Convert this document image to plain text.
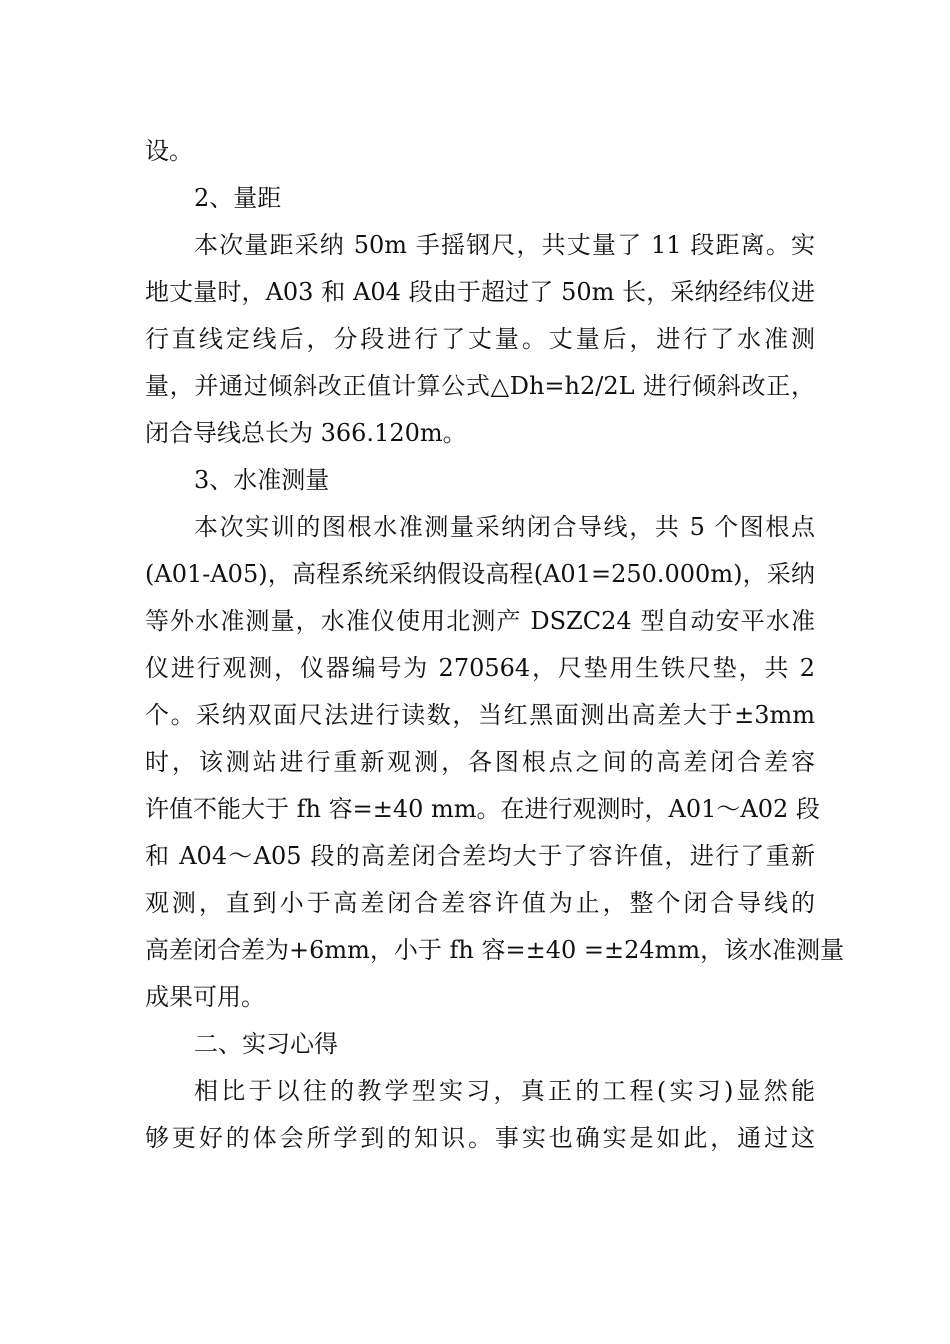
设。
2、量距
本次量距采纳 50m 手摇钢尺，共丈量了 11 段距离。实
地丈量时，A03 和 A04 段由于超过了 50m 长，采纳经纬仪进
行直线定线后，分段进行了丈量。丈量后，进行了水准测
量，并通过倾斜改正值计算公式△Dh=h2/2L 进行倾斜改正，
闭合导线总长为 366.120m。
3、水准测量
本次实训的图根水准测量采纳闭合导线，共 5 个图根点
(A01-A05)，高程系统采纳假设高程(A01=250.000m)，采纳
等外水准测量，水准仪使用北测产 DSZC24 型自动安平水准
仪进行观测，仪器编号为 270564，尺垫用生铁尺垫，共 2
个。采纳双面尺法进行读数，当红黑面测出高差大于±3mm
时，该测站进行重新观测，各图根点之间的高差闭合差容
许值不能大于 fh 容=±40 mm。在进行观测时，A01～A02 段
和 A04～A05 段的高差闭合差均大于了容许值，进行了重新
观测，直到小于高差闭合差容许值为止，整个闭合导线的
高差闭合差为+6mm，小于 fh 容=±40 =±24mm，该水准测量
成果可用。
二、实习心得
相比于以往的教学型实习，真正的工程(实习)显然能
够更好的体会所学到的知识。事实也确实是如此，通过这
